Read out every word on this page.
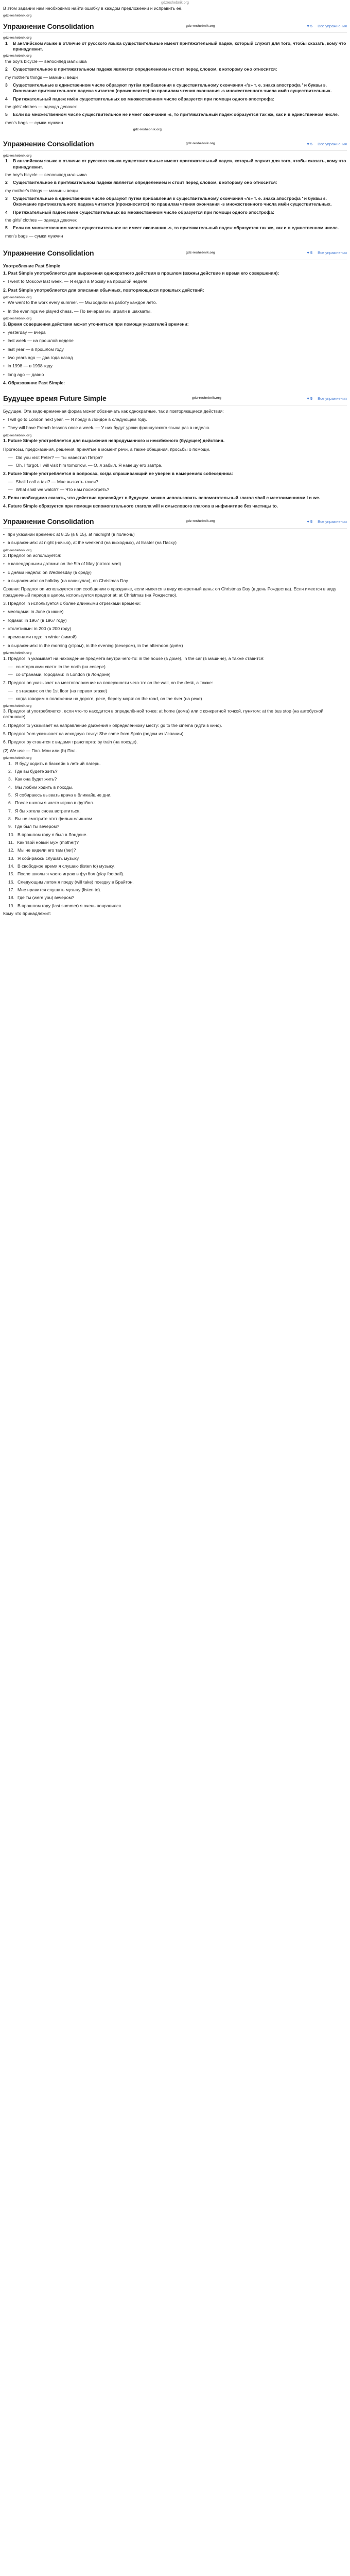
gdzreshebnik.org

В этом задании нам необходимо найти ошибку в каждом предложении и исправить её.

gdz-reshebnik.org
Упражнение Consolidation	gdz-reshebnik.org	♥ 5 Все упражнения
gdz-reshebnik.org
1	В английском языке в отличие от русского языка существительные имеют притяжательный падеж, который служит для того, чтобы сказать, кому что принадлежит.
gdz-reshebnik.org
the boy's bicycle — велосипед мальчика
2	Существительное в притяжательном падеже является определением и стоит перед словом, к которому оно относится:
my mother's things — мамины вещи
3	Существительные в единственном числе образуют путём прибавления к существительному окончания «'s» т. е. знака апострофа ' и буквы s. Окончание притяжательного падежа читается (произносится) по правилам чтения окончания -s множественного числа имён существительных.
4	Притяжательный падеж имён существительных во множественном числе образуется при помощи одного апострофа:
the girls' clothes — одежда девочек
5	Если во множественном числе существительное не имеет окончания -s, то притяжательный падеж образуется так же, как и в единственном числе.
men's bags — сумки мужчин
gdz-reshebnik.org
Упражнение Consolidation	gdz-reshebnik.org	♥ 5 Все упражнения
gdz-reshebnik.org
1	В английском языке в отличие от русского языка существительные имеют притяжательный падеж, который служит для того, чтобы сказать, кому что принадлежит.
the boy's bicycle — велосипед мальчика
2	Существительное в притяжательном падеже является определением и стоит перед словом, к которому оно относится:
my mother's things — мамины вещи
3	Существительные в единственном числе образуют путём прибавления к существительному окончания «'s» т. е. знака апострофа ' и буквы s. Окончание притяжательного падежа читается (произносится) по правилам чтения окончания -s множественного числа имён существительных.
4	Притяжательный падеж имён существительных во множественном числе образуется при помощи одного апострофа:
the girls' clothes — одежда девочек
5	Если во множественном числе существительное не имеет окончания -s, то притяжательный падеж образуется так же, как и в единственном числе.
men's bags — сумки мужчин
Упражнение Consolidation	gdz-reshebnik.org	♥ 5 Все упражнения
Употребление Past Simple
1. Past Simple употребляется для выражения однократного действия в прошлом (важны действие и время его совершения):
• I went to Moscow last week. — Я ездил в Москву на прошлой неделе.
2. Past Simple употребляется для описания обычных, повторяющихся прошлых действий:
gdz-reshebnik.org
• We went to the work every summer. — Мы ходили на работу каждое лето.
• In the evenings we played chess. — По вечерам мы играли в шахматы.
gdz-reshebnik.org
3. Время совершения действия может уточняться при помощи указателей времени:
• yesterday — вчера
• last week — на прошлой неделе
• last year — в прошлом году
• two years ago — два года назад
• in 1998 — в 1998 году
• long ago — давно
4. Образование Past Simple:
Будущее время Future Simple	gdz-reshebnik.org	♥ 5 Все упражнения
Будущее. Эта видо-временная форма может обозначать как однократные, так и повторяющиеся действия:
• I will go to London next year. — Я поеду в Лондон в следующем году.
• They will have French lessons once a week. — У них будут уроки французского языка раз в неделю.
gdz-reshebnik.org
1. Future Simple употребляется для выражения непродуманного и неизбежного (будущее) действия.
Прогнозы, предсказания, решения, принятые в момент речи, а также обещания, просьбы о помощи.
— Did you visit Peter? — Ты навестил Петра?
— Oh, I forgot. I will visit him tomorrow. — О, я забыл. Я навещу его завтра.
2. Future Simple употребляется в вопросах, когда спрашивающий не уверен в намерениях собеседника:
— Shall I call a taxi? — Мне вызвать такси?
— What shall we watch? — Что нам посмотреть?
3. Если необходимо сказать, что действие произойдет в будущем, можно использовать вспомогательный глагол shall с местоимениями I и we.
4. Future Simple образуется при помощи вспомогательного глагола will и смыслового глагола в инфинитиве без частицы to.
Упражнение Consolidation	gdz-reshebnik.org	♥ 5 Все упражнения
• при указании времени: at 8.15 (в 8.15), at midnight (в полночь)
• в выражениях: at night (ночью), at the weekend (на выходных), at Easter (на Пасху)
gdz-reshebnik.org
2. Предлог on используется:
• с календарными датами: on the 5th of May (пятого мая)
• с днями недели: on Wednesday (в среду)
• в выражениях: on holiday (на каникулах), on Christmas Day
Сравни: Предлог on используется при сообщении о празднике, если имеется в виду конкретный день: on Christmas Day (в день Рождества). Если имеется в виду праздничный период в целом, используется предлог at: at Christmas (на Рождество).
3. Предлог in используется с более длинными отрезками времени:
• месяцами: in June (в июне)
• годами: in 1967 (в 1967 году)
• столетиями: in 200 (в 200 году)
• временами года: in winter (зимой)
• в выражениях: in the morning (утром), in the evening (вечером), in the afternoon (днём)
gdz-reshebnik.org
1. Предлог in указывает на нахождение предмета внутри чего-то: in the house (в доме), in the car (в машине), а также ставится:
— со сторонами света: in the north (на севере)
— со странами, городами: in London (в Лондоне)
2. Предлог on указывает на местоположение на поверхности чего-то: on the wall, on the desk, а также:
— с этажами: on the 1st floor (на первом этаже)
— когда говорим о положении на дороге, реке, берегу моря: on the road, on the river (на реке)
gdz-reshebnik.org
3. Предлог at употребляется, если что-то находится в определённой точке: at home (дома) или с конкретной точкой, пунктом: at the bus stop (на автобусной остановке).
4. Предлог to указывает на направление движения к определённому месту: go to the cinema (идти в кино).
5. Предлог from указывает на исходную точку: She came from Spain (родом из Испании).
6. Предлог by ставится с видами транспорта: by train (на поезде).
(2) We use — Пол. Мои или (b) Пол.
gdz-reshebnik.org
1. Я буду ходить в бассейн в летний лагерь.
2. Где вы будете жить?
3. Как она будет жить?
4. Мы любим ходить в походы.
5. Я собираюсь вызвать врача в ближайшие дни.
6. После школы я часто играю в футбол.
7. Я бы хотела снова встретиться.
8. Вы не смотрите этот фильм слишком.
9. Где был ты вечером?
10. В прошлом году я был в Лондоне.
11. Как твой новый муж (mother)?
12. Мы не видели его там (her)?
13. Я собираюсь слушать музыку.
14. В свободное время я слушаю (listen to) музыку.
15. После школы я часто играю в футбол (play football).
16. Следующим летом я поеду (will take) поездку в Брайтон.
17. Мне нравится слушать музыку (listen to).
18. Где ты (were you) вечером?
19. В прошлом году (last summer) я очень понравился.
Кому что принадлежит:
